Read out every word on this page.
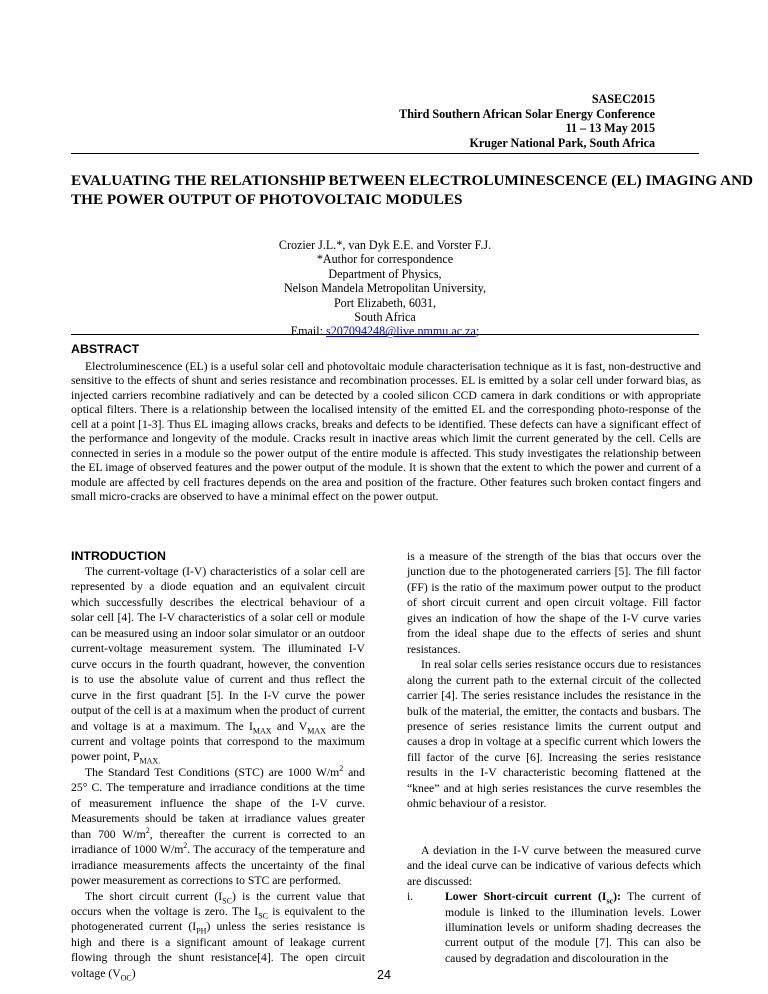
SASEC2015
Third Southern African Solar Energy Conference
11 – 13 May 2015
Kruger National Park, South Africa
EVALUATING THE RELATIONSHIP BETWEEN ELECTROLUMINESCENCE (EL) IMAGING AND
THE POWER OUTPUT OF PHOTOVOLTAIC MODULES
Crozier J.L.*, van Dyk E.E. and Vorster F.J.
*Author for correspondence
Department of Physics,
Nelson Mandela Metropolitan University,
Port Elizabeth, 6031,
South Africa
Email: s207094248@live.nmmu.ac.za;
ABSTRACT

Electroluminescence (EL) is a useful solar cell and photovoltaic module characterisation technique as it is fast, non-destructive and sensitive to the effects of shunt and series resistance and recombination processes. EL is emitted by a solar cell under forward bias, as injected carriers recombine radiatively and can be detected by a cooled silicon CCD camera in dark conditions or with appropriate optical filters. There is a relationship between the localised intensity of the emitted EL and the corresponding photo-response of the cell at a point [1-3]. Thus EL imaging allows cracks, breaks and defects to be identified. These defects can have a significant effect of the performance and longevity of the module. Cracks result in inactive areas which limit the current generated by the cell. Cells are connected in series in a module so the power output of the entire module is affected. This study investigates the relationship between the EL image of observed features and the power output of the module. It is shown that the extent to which the power and current of a module are affected by cell fractures depends on the area and position of the fracture. Other features such broken contact fingers and small micro-cracks are observed to have a minimal effect on the power output.

INTRODUCTION

The current-voltage (I-V) characteristics of a solar cell are represented by a diode equation and an equivalent circuit which successfully describes the electrical behaviour of a solar cell [4]. The I-V characteristics of a solar cell or module can be measured using an indoor solar simulator or an outdoor current-voltage measurement system. The illuminated I-V curve occurs in the fourth quadrant, however, the convention is to use the absolute value of current and thus reflect the curve in the first quadrant [5]. In the I-V curve the power output of the cell is at a maximum when the product of current and voltage is at a maximum. The $I_{MAX}$ and $V_{MAX}$ are the current and voltage points that correspond to the maximum power point, $P_{MAX.}$

The Standard Test Conditions (STC) are 1000 $W/m^2$ and 25° C. The temperature and irradiance conditions at the time of measurement influence the shape of the I-V curve. Measurements should be taken at irradiance values greater than 700 $W/m^2$, thereafter the current is corrected to an irradiance of 1000 $W/m^2$. The accuracy of the temperature and irradiance measurements affects the uncertainty of the final power measurement as corrections to STC are performed.

The short circuit current $(I_{SC})$ is the current value that occurs when the voltage is zero. The $I_{SC}$ is equivalent to the photogenerated current $(I_{PH})$ unless the series resistance is high and there is a significant amount of leakage current flowing through the shunt resistance[4]. The open circuit voltage $(V_{OC})$

is a measure of the strength of the bias that occurs over the junction due to the photogenerated carriers [5]. The fill factor (FF) is the ratio of the maximum power output to the product of short circuit current and open circuit voltage. Fill factor gives an indication of how the shape of the I-V curve varies from the ideal shape due to the effects of series and shunt resistances.

In real solar cells series resistance occurs due to resistances along the current path to the external circuit of the collected carrier [4]. The series resistance includes the resistance in the bulk of the material, the emitter, the contacts and busbars. The presence of series resistance limits the current output and causes a drop in voltage at a specific current which lowers the fill factor of the curve [6]. Increasing the series resistance results in the I-V characteristic becoming flattened at the “knee” and at high series resistances the curve resembles the ohmic behaviour of a resistor.

A deviation in the I-V curve between the measured curve and the ideal curve can be indicative of various defects which are discussed:

i.	Lower Short-circuit current $(I_{sc})$: The current of module is linked to the illumination levels. Lower illumination levels or uniform shading decreases the current output of the module [7]. This can also be caused by degradation and discolouration in the
24
